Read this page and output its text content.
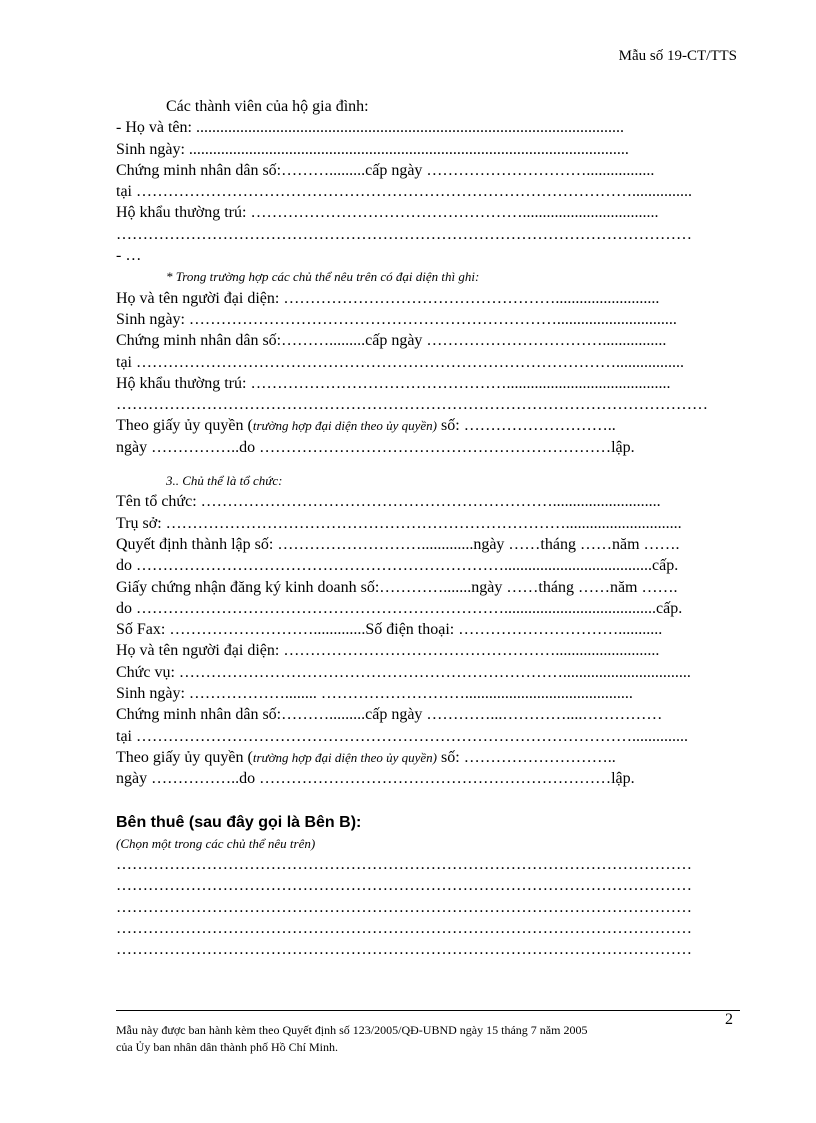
Mẫu số 19-CT/TTS
Các thành viên của hộ gia đình:
- Họ và tên: ...........................................................................................................
Sinh ngày: ..............................................................................................................
Chứng minh nhân dân số:……….........cấp ngày ………………………….................
tại …………………………………………………………………………………...............
Hộ khẩu thường trú: ……………………………………………..................................
………………………………………………………………………………………………
- …
* Trong trường hợp các chủ thể nêu trên có đại diện thì ghi:
Họ và tên người đại diện: ……………………………………………..........................
Sinh ngày: ……………………………………………………………..............................
Chứng minh nhân dân số:……….........cấp ngày ……………………………................
tại ……………………………………………………………………………….................
Hộ khẩu thường trú: ………………………………………….........................................
…………………………………………………………………………………………………
Theo giấy ủy quyền (trường hợp đại diện theo ủy quyền) số: ………………………..
ngày ……………..do …………………………………………………………lập.
3.. Chủ thể là tổ chức:
Tên tổ chức: …………………………………………………………...........................
Trụ sở: ………………………………………………………………….............................
Quyết định thành lập số: ……………………….............ngày ……tháng ……năm …….
do …………………………………………………………….....................................cấp.
Giấy chứng nhận đăng ký kinh doanh số:………….......ngày ……tháng ……năm …….
do ……………………………………………………………......................................cấp.
Số Fax: ……………………….............Số điện thoại: …………………………...........
Họ và tên người đại diện: ……………………………………………..........................
Chức vụ: ………………………………………………………………................................
Sinh ngày: ………………........ ………………………..........................................
Chứng minh nhân dân số:……….........cấp ngày …………...…………....……………
tại …………………………………………………………………………………..............
Theo giấy ủy quyền (trường hợp đại diện theo ủy quyền) số: ………………………..
ngày ……………..do …………………………………………………………lập.
Bên thuê (sau đây gọi là Bên B):
(Chọn một trong các chủ thể nêu trên)
………………………………………………………………………………………………
………………………………………………………………………………………………
………………………………………………………………………………………………
………………………………………………………………………………………………
………………………………………………………………………………………………
2
Mẫu này được ban hành kèm theo Quyết định số 123/2005/QĐ-UBND ngày 15 tháng 7 năm 2005
của Ủy ban nhân dân thành phố Hồ Chí Minh.
